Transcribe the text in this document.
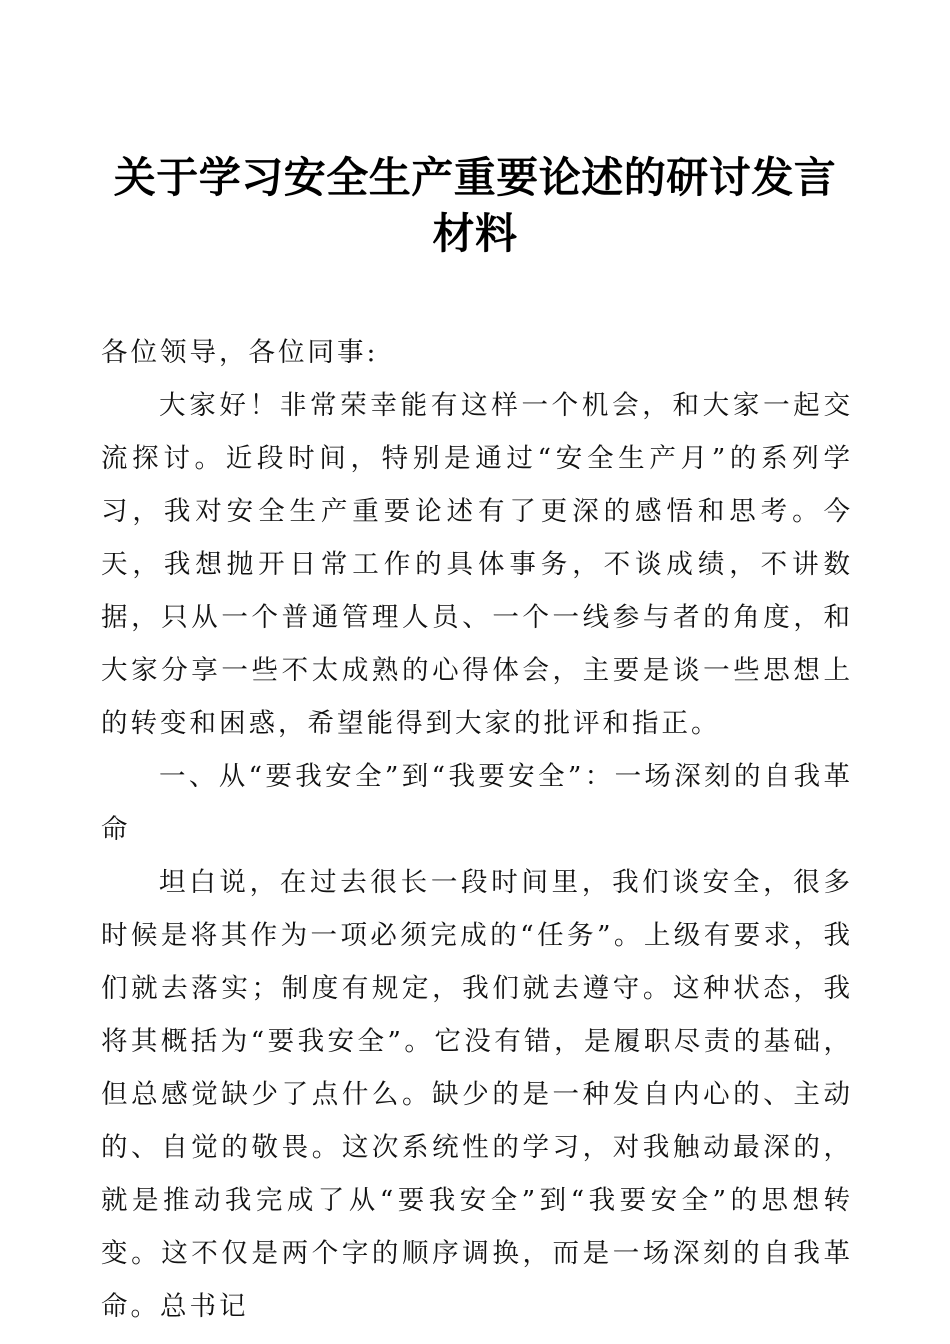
关于学习安全生产重要论述的研讨发言材料

各位领导，各位同事:

大家好！非常荣幸能有这样一个机会，和大家一起交流探讨。近段时间，特别是通过“安全生产月”的系列学习，我对安全生产重要论述有了更深的感悟和思考。今天，我想抛开日常工作的具体事务，不谈成绩，不讲数据，只从一个普通管理人员、一个一线参与者的角度，和大家分享一些不太成熟的心得体会，主要是谈一些思想上的转变和困惑，希望能得到大家的批评和指正。

一、从“要我安全”到“我要安全”：一场深刻的自我革命

坦白说，在过去很长一段时间里，我们谈安全，很多时候是将其作为一项必须完成的“任务”。上级有要求，我们就去落实；制度有规定，我们就去遵守。这种状态，我将其概括为“要我安全”。它没有错，是履职尽责的基础，但总感觉缺少了点什么。缺少的是一种发自内心的、主动的、自觉的敬畏。这次系统性的学习，对我触动最深的，就是推动我完成了从“要我安全”到“我要安全”的思想转变。这不仅是两个字的顺序调换，而是一场深刻的自我革命。总书记
